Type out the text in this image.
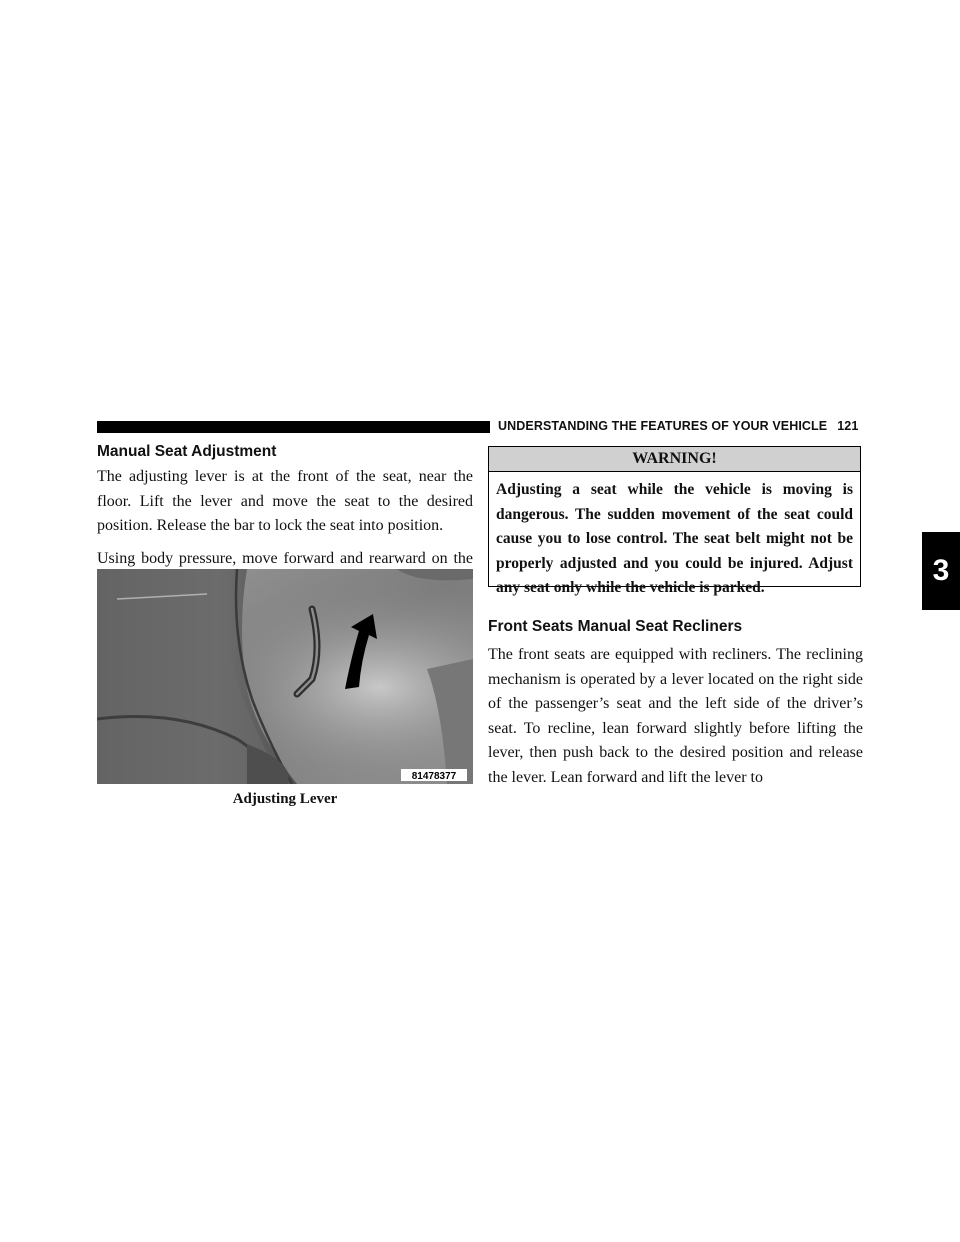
UNDERSTANDING THE FEATURES OF YOUR VEHICLE 121
3
Manual Seat Adjustment

The adjusting lever is at the front of the seat, near the floor. Lift the lever and move the seat to the desired position. Release the bar to lock the seat into position.

Using body pressure, move forward and rearward on the

81478377
Adjusting Lever
WARNING!
Adjusting a seat while the vehicle is moving is dangerous. The sudden movement of the seat could cause you to lose control. The seat belt might not be properly adjusted and you could be injured. Adjust any seat only while the vehicle is parked.
Front Seats Manual Seat Recliners

The front seats are equipped with recliners. The reclining mechanism is operated by a lever located on the right side of the passenger’s seat and the left side of the driver’s seat. To recline, lean forward slightly before lifting the lever, then push back to the desired position and release the lever. Lean forward and lift the lever to
